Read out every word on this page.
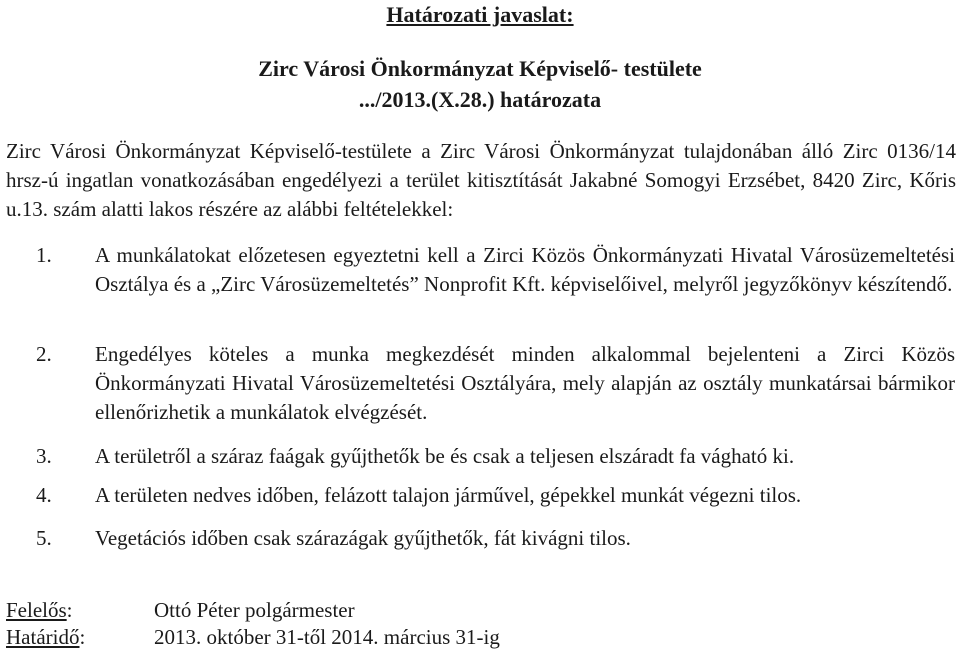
Határozati javaslat:
Zirc Városi Önkormányzat Képviselő- testülete
.../2013.(X.28.) határozata
Zirc Városi Önkormányzat Képviselő-testülete a Zirc Városi Önkormányzat tulajdonában álló Zirc 0136/14 hrsz-ú ingatlan vonatkozásában engedélyezi a terület kitisztítását Jakabné Somogyi Erzsébet, 8420 Zirc, Kőris u.13. szám alatti lakos részére az alábbi feltételekkel:
1. A munkálatokat előzetesen egyeztetni kell a Zirci Közös Önkormányzati Hivatal Városüzemeltetési Osztálya és a „Zirc Városüzemeltetés” Nonprofit Kft. képviselőivel, melyről jegyzőkönyv készítendő.
2. Engedélyes köteles a munka megkezdését minden alkalommal bejelenteni a Zirci Közös Önkormányzati Hivatal Városüzemeltetési Osztályára, mely alapján az osztály munkatársai bármikor ellenőrizhetik a munkálatok elvégzését.
3. A területről a száraz faágak gyűjthetők be és csak a teljesen elszáradt fa vágható ki.
4. A területen nedves időben, felázott talajon járművel, gépekkel munkát végezni tilos.
5. Vegetációs időben csak szárazágak gyűjthetők, fát kivágni tilos.
Felelős:	Ottó Péter polgármester
Határidő:	2013. október 31-től 2014. március 31-ig
